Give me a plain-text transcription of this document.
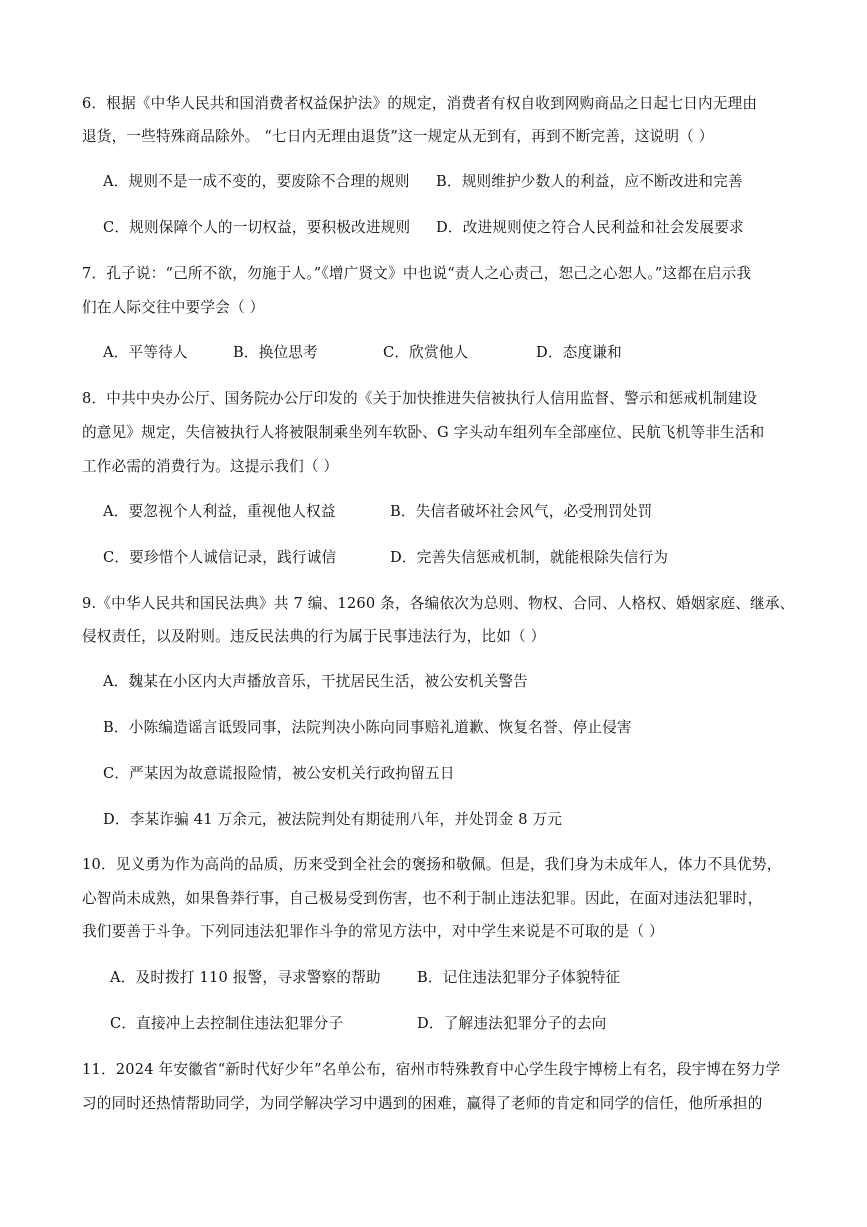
6．根据《中华人民共和国消费者权益保护法》的规定，消费者有权自收到网购商品之日起七日内无理由
退货，一些特殊商品除外。 “七日内无理由退货”这一规定从无到有，再到不断完善，这说明（ ）
A．规则不是一成不变的，要废除不合理的规则 B．规则维护少数人的利益，应不断改进和完善
C．规则保障个人的一切权益，要积极改进规则 D．改进规则使之符合人民利益和社会发展要求
7．孔子说：“己所不欲，勿施于人。”《增广贤文》中也说“责人之心责己，恕己之心恕人。”这都在启示我
们在人际交往中要学会（ ）
A．平等待人	B．换位思考	C．欣赏他人	D．态度谦和
8．中共中央办公厅、国务院办公厅印发的《关于加快推进失信被执行人信用监督、警示和惩戒机制建设
的意见》规定，失信被执行人将被限制乘坐列车软卧、G 字头动车组列车全部座位、民航飞机等非生活和
工作必需的消费行为。这提示我们（ ）
A．要忽视个人利益，重视他人权益	B．失信者破坏社会风气，必受刑罚处罚
C．要珍惜个人诚信记录，践行诚信	D．完善失信惩戒机制，就能根除失信行为
9.《中华人民共和国民法典》共 7 编、1260 条，各编依次为总则、物权、合同、人格权、婚姻家庭、继承、
侵权责任，以及附则。违反民法典的行为属于民事违法行为，比如（ ）
A．魏某在小区内大声播放音乐，干扰居民生活，被公安机关警告
B．小陈编造谣言诋毁同事，法院判决小陈向同事赔礼道歉、恢复名誉、停止侵害
C．严某因为故意谎报险情，被公安机关行政拘留五日
D．李某诈骗 41 万余元，被法院判处有期徒刑八年，并处罚金 8 万元
10．见义勇为作为高尚的品质，历来受到全社会的褒扬和敬佩。但是，我们身为未成年人，体力不具优势，
心智尚未成熟，如果鲁莽行事，自己极易受到伤害，也不利于制止违法犯罪。因此，在面对违法犯罪时，
我们要善于斗争。下列同违法犯罪作斗争的常见方法中，对中学生来说是不可取的是（ ）
A．及时拨打 110 报警，寻求警察的帮助 B．记住违法犯罪分子体貌特征
C．直接冲上去控制住违法犯罪分子	D．了解违法犯罪分子的去向
11．2024 年安徽省“新时代好少年”名单公布，宿州市特殊教育中心学生段宇博榜上有名，段宇博在努力学
习的同时还热情帮助同学，为同学解决学习中遇到的困难，赢得了老师的肯定和同学的信任，他所承担的
